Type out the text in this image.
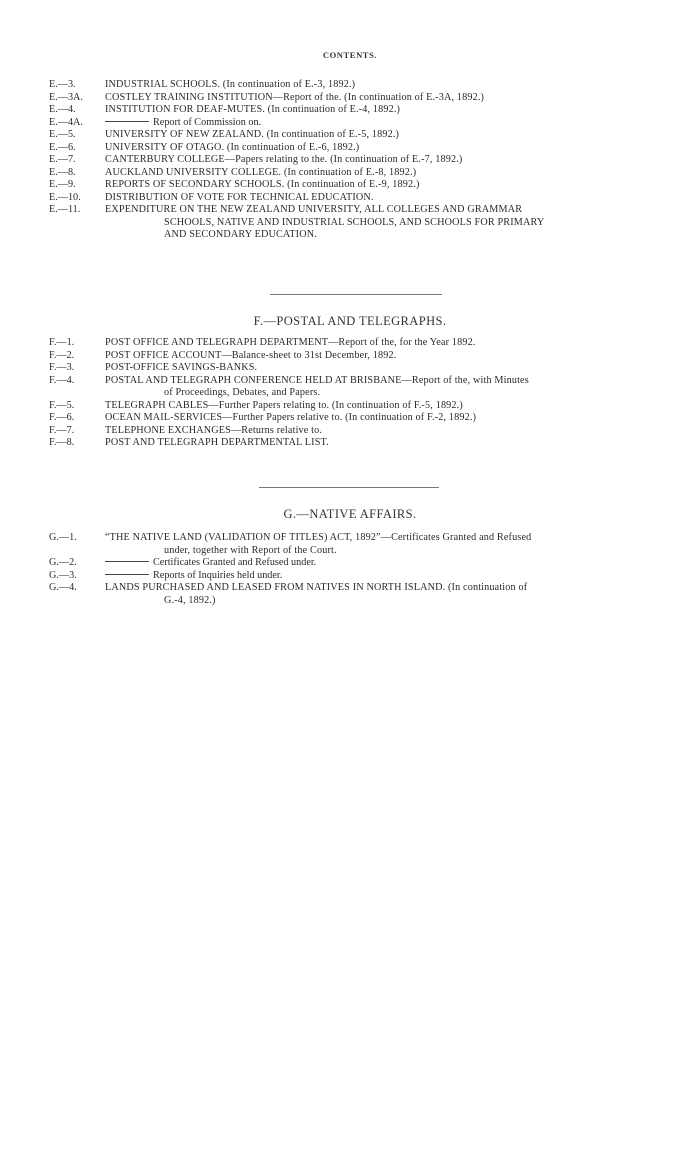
CONTENTS.
E.—3.	INDUSTRIAL SCHOOLS. (In continuation of E.-3, 1892.)
E.—3A.	COSTLEY TRAINING INSTITUTION—Report of the. (In continuation of E.-3A, 1892.)
E.—4.	INSTITUTION FOR DEAF-MUTES. (In continuation of E.-4, 1892.)
E.—4A.	Report of Commission on.
E.—5.	UNIVERSITY OF NEW ZEALAND. (In continuation of E.-5, 1892.)
E.—6.	UNIVERSITY OF OTAGO. (In continuation of E.-6, 1892.)
E.—7.	CANTERBURY COLLEGE—Papers relating to the. (In continuation of E.-7, 1892.)
E.—8.	AUCKLAND UNIVERSITY COLLEGE. (In continuation of E.-8, 1892.)
E.—9.	REPORTS OF SECONDARY SCHOOLS. (In continuation of E.-9, 1892.)
E.—10.	DISTRIBUTION OF VOTE FOR TECHNICAL EDUCATION.
E.—11.	EXPENDITURE ON THE NEW ZEALAND UNIVERSITY, ALL COLLEGES AND GRAMMAR
SCHOOLS, NATIVE AND INDUSTRIAL SCHOOLS, AND SCHOOLS FOR PRIMARY
AND SECONDARY EDUCATION.
F.—POSTAL AND TELEGRAPHS.
F.—1.	POST OFFICE AND TELEGRAPH DEPARTMENT—Report of the, for the Year 1892.
F.—2.	POST OFFICE ACCOUNT—Balance-sheet to 31st December, 1892.
F.—3.	POST-OFFICE SAVINGS-BANKS.
F.—4.	POSTAL AND TELEGRAPH CONFERENCE HELD AT BRISBANE—Report of the, with Minutes
of Proceedings, Debates, and Papers.
F.—5.	TELEGRAPH CABLES—Further Papers relating to. (In continuation of F.-5, 1892.)
F.—6.	OCEAN MAIL-SERVICES—Further Papers relative to. (In continuation of F.-2, 1892.)
F.—7.	TELEPHONE EXCHANGES—Returns relative to.
F.—8.	POST AND TELEGRAPH DEPARTMENTAL LIST.
G.—NATIVE AFFAIRS.
G.—1.	“THE NATIVE LAND (VALIDATION OF TITLES) ACT, 1892”—Certificates Granted and Refused
under, together with Report of the Court.
G.—2.	Certificates Granted and Refused under.
G.—3.	Reports of Inquiries held under.
G.—4.	LANDS PURCHASED AND LEASED FROM NATIVES IN NORTH ISLAND. (In continuation of
G.-4, 1892.)
